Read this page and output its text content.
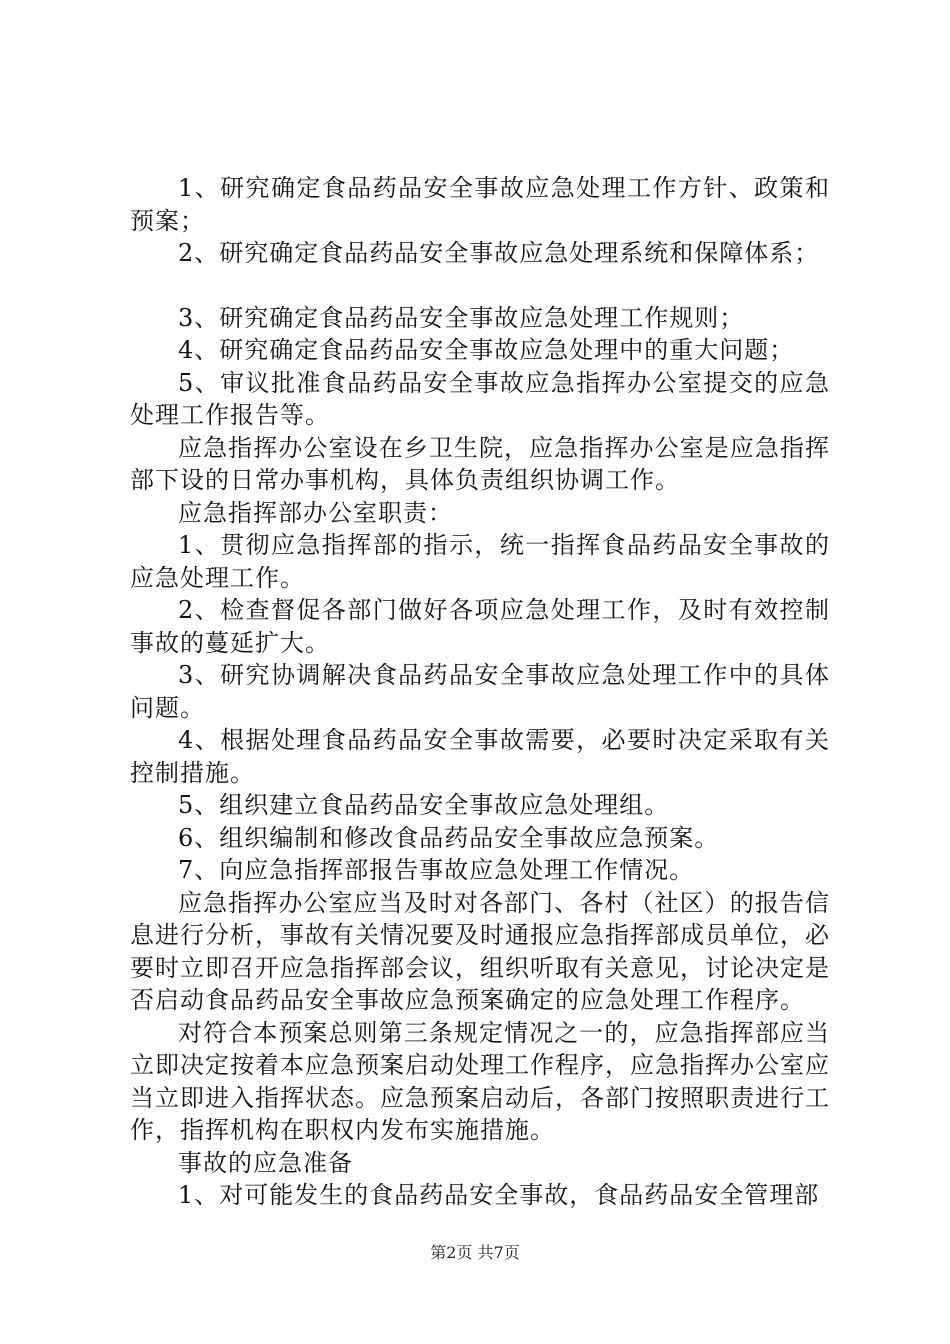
1、研究确定食品药品安全事故应急处理工作方针、政策和预案；

2、研究确定食品药品安全事故应急处理系统和保障体系；

3、研究确定食品药品安全事故应急处理工作规则；

4、研究确定食品药品安全事故应急处理中的重大问题；

5、审议批准食品药品安全事故应急指挥办公室提交的应急处理工作报告等。

应急指挥办公室设在乡卫生院，应急指挥办公室是应急指挥部下设的日常办事机构，具体负责组织协调工作。

应急指挥部办公室职责：

1、贯彻应急指挥部的指示，统一指挥食品药品安全事故的应急处理工作。

2、检查督促各部门做好各项应急处理工作，及时有效控制事故的蔓延扩大。

3、研究协调解决食品药品安全事故应急处理工作中的具体问题。

4、根据处理食品药品安全事故需要，必要时决定采取有关控制措施。

5、组织建立食品药品安全事故应急处理组。

6、组织编制和修改食品药品安全事故应急预案。

7、向应急指挥部报告事故应急处理工作情况。

应急指挥办公室应当及时对各部门、各村（社区）的报告信息进行分析，事故有关情况要及时通报应急指挥部成员单位，必要时立即召开应急指挥部会议，组织听取有关意见，讨论决定是否启动食品药品安全事故应急预案确定的应急处理工作程序。

对符合本预案总则第三条规定情况之一的，应急指挥部应当立即决定按着本应急预案启动处理工作程序，应急指挥办公室应当立即进入指挥状态。应急预案启动后，各部门按照职责进行工作，指挥机构在职权内发布实施措施。

事故的应急准备

1、对可能发生的食品药品安全事故，食品药品安全管理部

第2页 共7页
